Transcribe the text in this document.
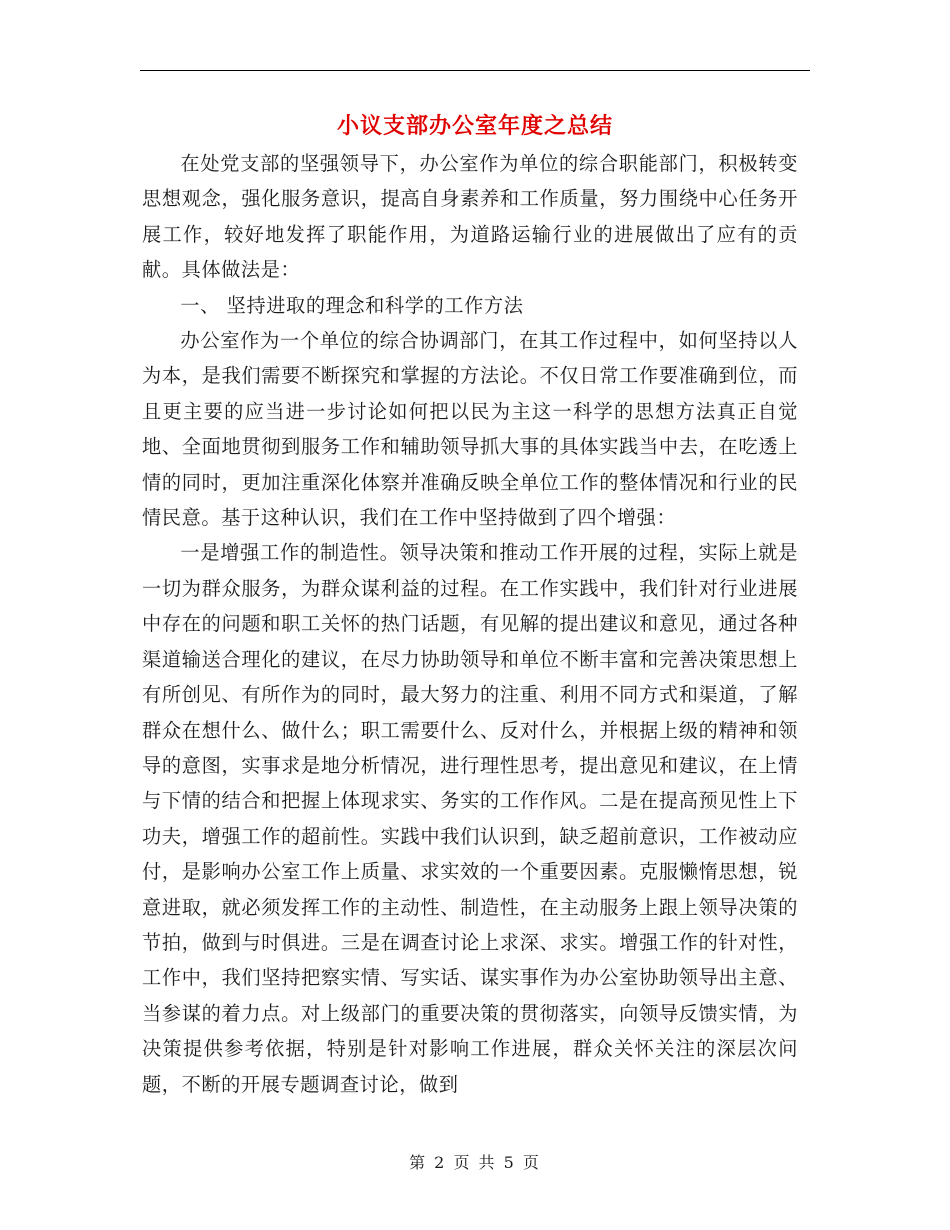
小议支部办公室年度之总结

在处党支部的坚强领导下，办公室作为单位的综合职能部门，积极转变思想观念，强化服务意识，提高自身素养和工作质量，努力围绕中心任务开展工作，较好地发挥了职能作用，为道路运输行业的进展做出了应有的贡献。具体做法是：

一、 坚持进取的理念和科学的工作方法

办公室作为一个单位的综合协调部门，在其工作过程中，如何坚持以人为本，是我们需要不断探究和掌握的方法论。不仅日常工作要准确到位，而且更主要的应当进一步讨论如何把以民为主这一科学的思想方法真正自觉地、全面地贯彻到服务工作和辅助领导抓大事的具体实践当中去，在吃透上情的同时，更加注重深化体察并准确反映全单位工作的整体情况和行业的民情民意。基于这种认识，我们在工作中坚持做到了四个增强：

一是增强工作的制造性。领导决策和推动工作开展的过程，实际上就是一切为群众服务，为群众谋利益的过程。在工作实践中，我们针对行业进展中存在的问题和职工关怀的热门话题，有见解的提出建议和意见，通过各种渠道输送合理化的建议，在尽力协助领导和单位不断丰富和完善决策思想上有所创见、有所作为的同时，最大努力的注重、利用不同方式和渠道，了解群众在想什么、做什么；职工需要什么、反对什么，并根据上级的精神和领导的意图，实事求是地分析情况，进行理性思考，提出意见和建议，在上情与下情的结合和把握上体现求实、务实的工作作风。二是在提高预见性上下功夫，增强工作的超前性。实践中我们认识到，缺乏超前意识，工作被动应付，是影响办公室工作上质量、求实效的一个重要因素。克服懒惰思想，锐意进取，就必须发挥工作的主动性、制造性，在主动服务上跟上领导决策的节拍，做到与时俱进。三是在调查讨论上求深、求实。增强工作的针对性，工作中，我们坚持把察实情、写实话、谋实事作为办公室协助领导出主意、当参谋的着力点。对上级部门的重要决策的贯彻落实，向领导反馈实情，为决策提供参考依据，特别是针对影响工作进展，群众关怀关注的深层次问题，不断的开展专题调查讨论，做到

第 2 页 共 5 页
